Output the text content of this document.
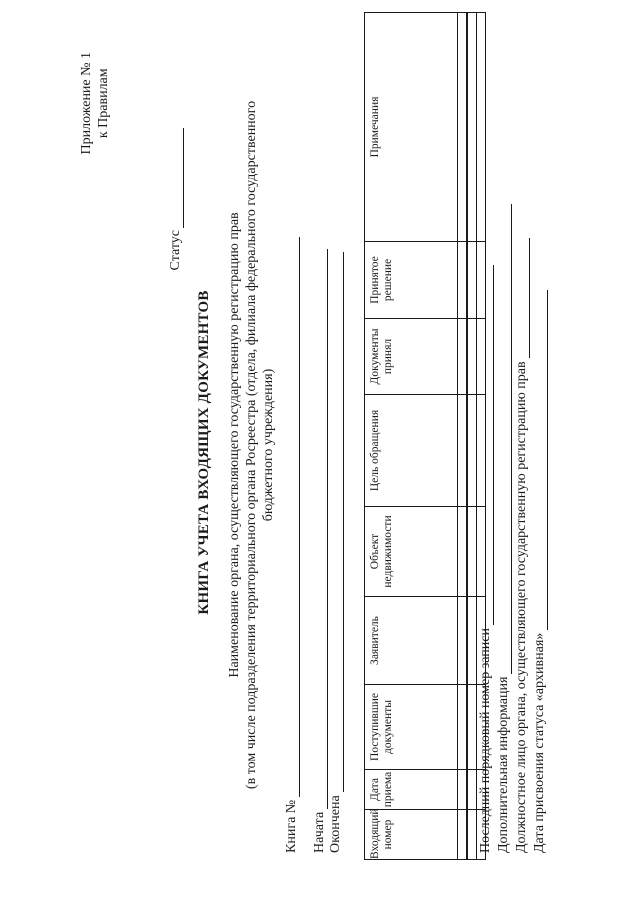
Приложение № 1 к Правилам
Статус
КНИГА УЧЕТА ВХОДЯЩИХ ДОКУМЕНТОВ Наименование органа, осуществляющего государственную регистрацию прав (в том числе подразделения территориального органа Росреестра (отдела, филиала федерального государственного бюджетного учреждения)
Книга № Начата Окончена Входящий номер	Дата приема	Поступившие документы	Заявитель	Объект недвижимости	Цель обращения	Документы принял	Принятое решение	Примечания

Последний порядковый номер записи Дополнительная информация Должностное лицо органа, осуществляющего государственную регистрацию прав Дата присвоения статуса «архивная»
